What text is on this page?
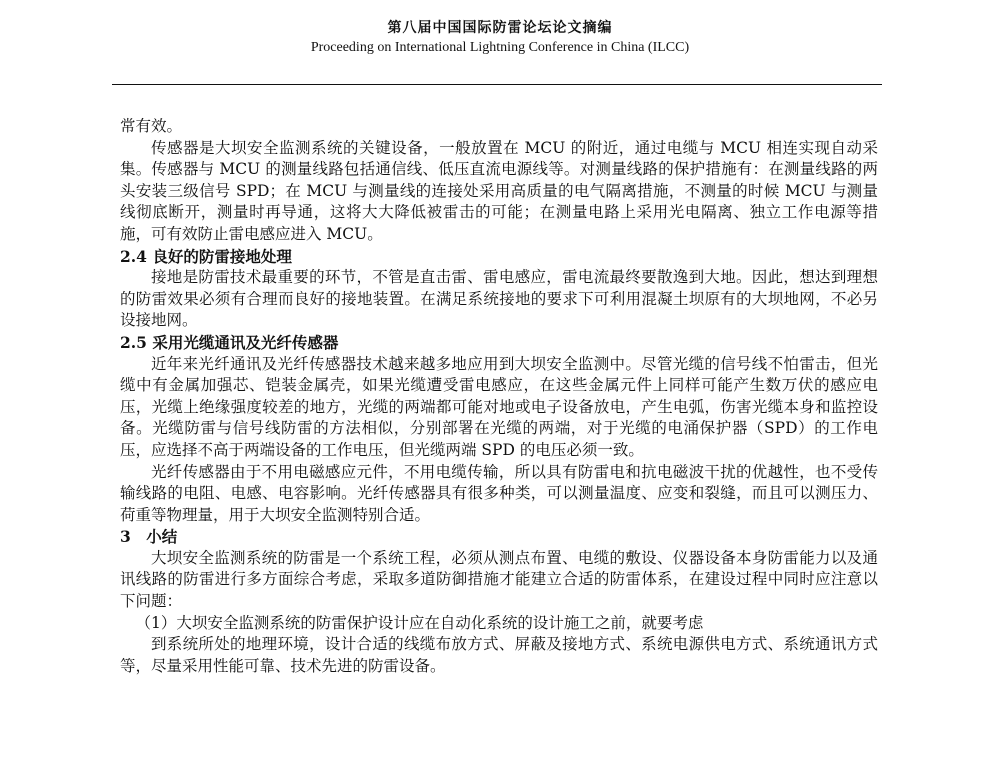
第八届中国国际防雷论坛论文摘编
Proceeding on International Lightning Conference in China (ILCC)

常有效。

传感器是大坝安全监测系统的关键设备，一般放置在 MCU 的附近，通过电缆与 MCU 相连实现自动采集。传感器与 MCU 的测量线路包括通信线、低压直流电源线等。对测量线路的保护措施有：在测量线路的两头安装三级信号 SPD；在 MCU 与测量线的连接处采用高质量的电气隔离措施，不测量的时候 MCU 与测量线彻底断开，测量时再导通，这将大大降低被雷击的可能；在测量电路上采用光电隔离、独立工作电源等措施，可有效防止雷电感应进入 MCU。

2.4 良好的防雷接地处理

接地是防雷技术最重要的环节，不管是直击雷、雷电感应，雷电流最终要散逸到大地。因此，想达到理想的防雷效果必须有合理而良好的接地装置。在满足系统接地的要求下可利用混凝土坝原有的大坝地网，不必另设接地网。

2.5 采用光缆通讯及光纤传感器

近年来光纤通讯及光纤传感器技术越来越多地应用到大坝安全监测中。尽管光缆的信号线不怕雷击，但光缆中有金属加强芯、铠装金属壳，如果光缆遭受雷电感应，在这些金属元件上同样可能产生数万伏的感应电压，光缆上绝缘强度较差的地方，光缆的两端都可能对地或电子设备放电，产生电弧，伤害光缆本身和监控设备。光缆防雷与信号线防雷的方法相似，分别部署在光缆的两端，对于光缆的电涌保护器（SPD）的工作电压，应选择不高于两端设备的工作电压，但光缆两端 SPD 的电压必须一致。

光纤传感器由于不用电磁感应元件，不用电缆传输，所以具有防雷电和抗电磁波干扰的优越性，也不受传输线路的电阻、电感、电容影响。光纤传感器具有很多种类，可以测量温度、应变和裂缝，而且可以测压力、荷重等物理量，用于大坝安全监测特别合适。

3　小结

大坝安全监测系统的防雷是一个系统工程，必须从测点布置、电缆的敷设、仪器设备本身防雷能力以及通讯线路的防雷进行多方面综合考虑，采取多道防御措施才能建立合适的防雷体系，在建设过程中同时应注意以下问题：

（1）大坝安全监测系统的防雷保护设计应在自动化系统的设计施工之前，就要考虑

到系统所处的地理环境，设计合适的线缆布放方式、屏蔽及接地方式、系统电源供电方式、系统通讯方式等，尽量采用性能可靠、技术先进的防雷设备。
